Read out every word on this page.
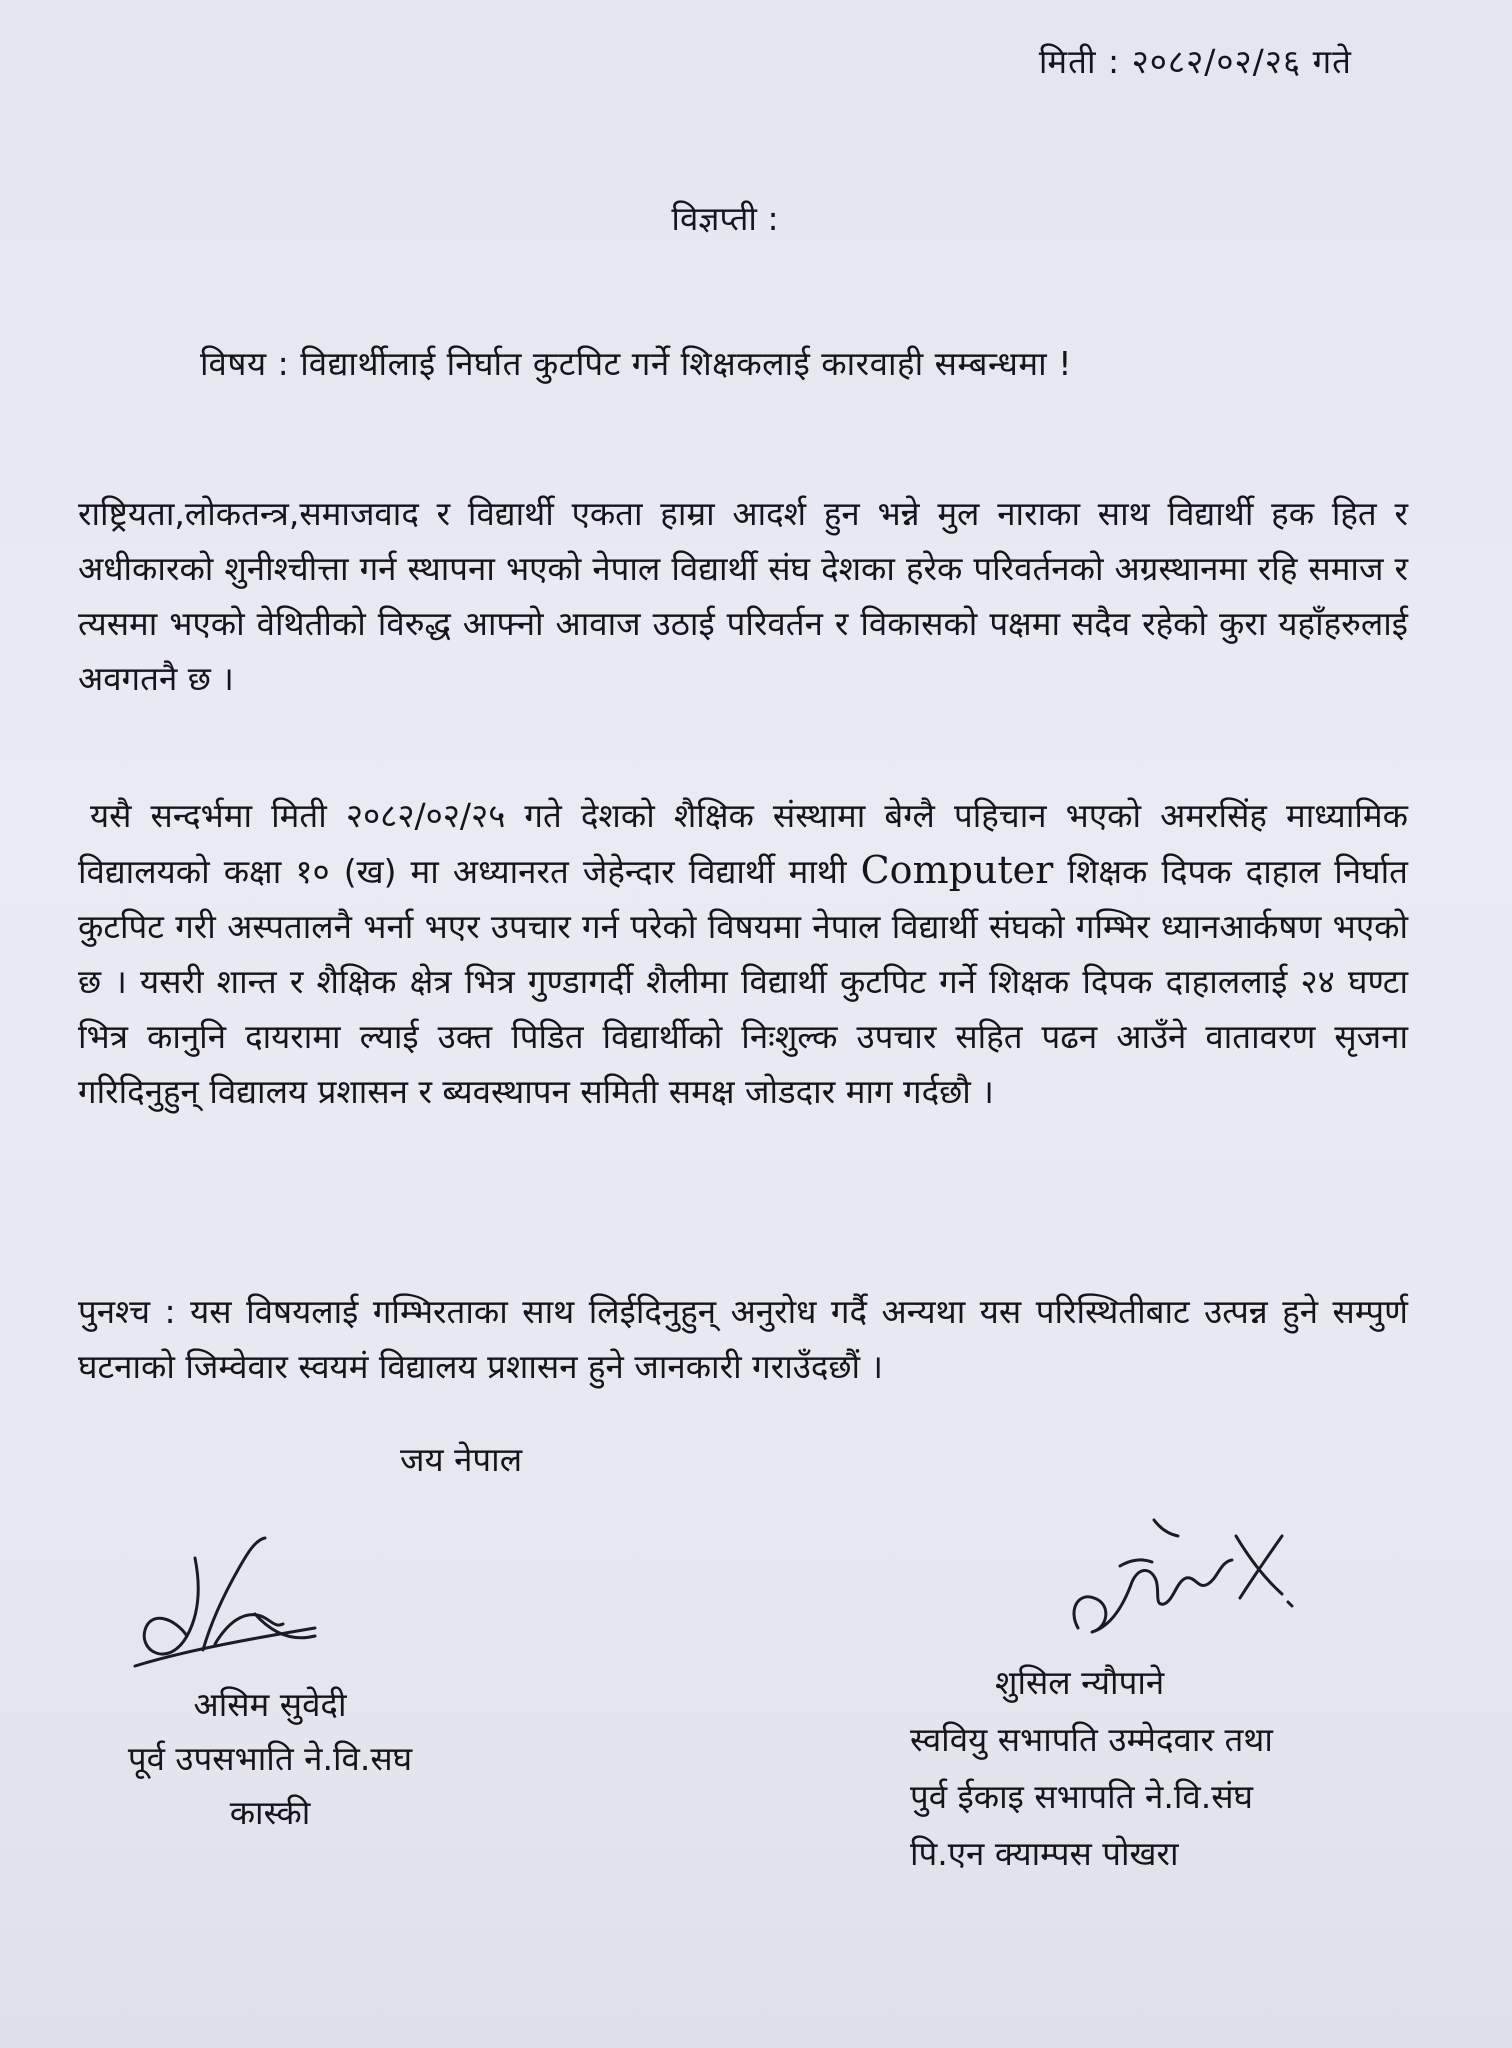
मिती : २०८२/०२/२६ गते
विज्ञप्ती :
विषय : विद्यार्थीलाई निर्घात कुटपिट गर्ने शिक्षकलाई कारवाही सम्बन्धमा !
राष्ट्रियता,लोकतन्त्र,समाजवाद र विद्यार्थी एकता हाम्रा आदर्श हुन भन्ने मुल नाराका साथ विद्यार्थी हक हित र अधीकारको शुनीश्चीत्ता गर्न स्थापना भएको नेपाल विद्यार्थी संघ देशका हरेक परिवर्तनको अग्रस्थानमा रहि समाज र त्यसमा भएको वेथितीको विरुद्ध आफ्नो आवाज उठाई परिवर्तन र विकासको पक्षमा सदैव रहेको कुरा यहाँहरुलाई अवगतनै छ ।
यसै सन्दर्भमा मिती २०८२/०२/२५ गते देशको शैक्षिक संस्थामा बेग्लै पहिचान भएको अमरसिंह माध्यामिक विद्यालयको कक्षा १० (ख) मा अध्यानरत जेहेन्दार विद्यार्थी माथी Computer शिक्षक दिपक दाहाल निर्घात कुटपिट गरी अस्पतालनै भर्ना भएर उपचार गर्न परेको विषयमा नेपाल विद्यार्थी संघको गम्भिर ध्यानआर्कषण भएको छ । यसरी शान्त र शैक्षिक क्षेत्र भित्र गुण्डागर्दी शैलीमा विद्यार्थी कुटपिट गर्ने शिक्षक दिपक दाहाललाई २४ घण्टा भित्र कानुनि दायरामा ल्याई उक्त पिडित विद्यार्थीको निःशुल्क उपचार सहित पढन आउँने वातावरण सृजना गरिदिनुहुन् विद्यालय प्रशासन र ब्यवस्थापन समिती समक्ष जोडदार माग गर्दछौ ।
पुनश्च : यस विषयलाई गम्भिरताका साथ लिईदिनुहुन् अनुरोध गर्दै अन्यथा यस परिस्थितीबाट उत्पन्न हुने सम्पुर्ण घटनाको जिम्वेवार स्वयमं विद्यालय प्रशासन हुने जानकारी गराउँदछौं ।
जय नेपाल
असिम सुवेदी
पूर्व उपसभाति ने.वि.सघ
कास्की
शुसिल न्यौपाने
स्ववियु सभापति उम्मेदवार तथा
पुर्व ईकाइ सभापति ने.वि.संघ
पि.एन क्याम्पस पोखरा
